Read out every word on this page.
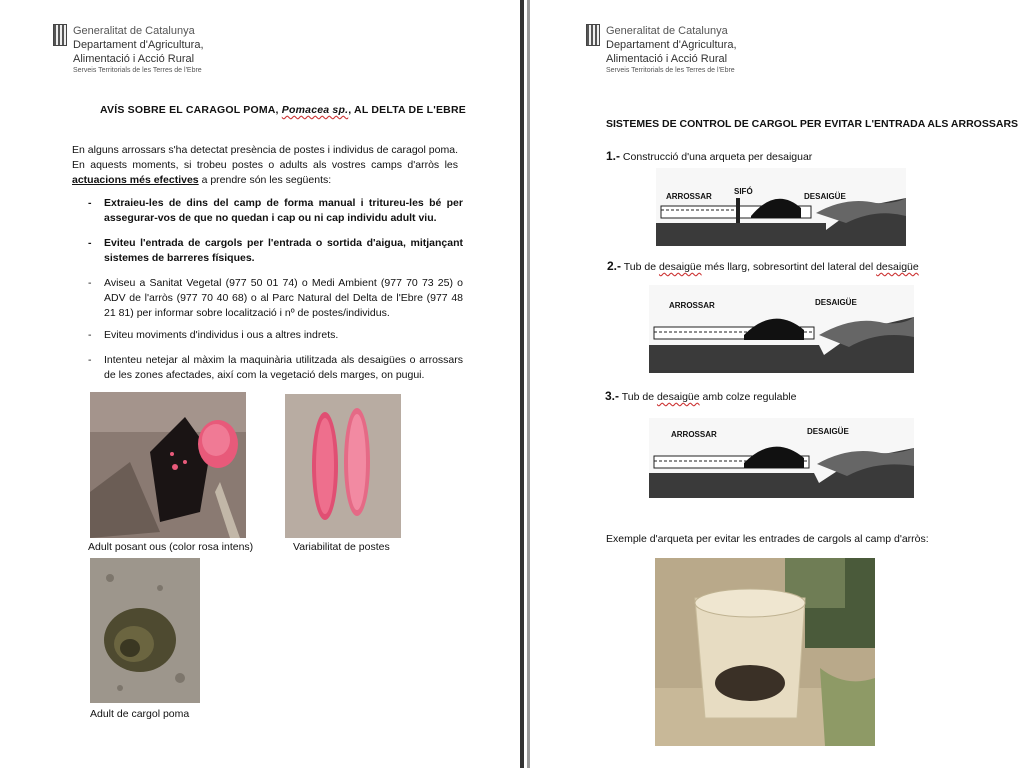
Generalitat de Catalunya
Departament d'Agricultura,
Alimentació i Acció Rural
Serveis Territorials de les Terres de l'Ebre
AVÍS SOBRE EL CARAGOL POMA, Pomacea sp., AL DELTA DE L'EBRE
En alguns arrossars s'ha detectat presència de postes i individus de caragol poma. En aquests moments, si trobeu postes o adults als vostres camps d'arròs les actuacions més efectives a prendre són les següents:
- Extraieu-les de dins del camp de forma manual i tritureu-les bé per assegurar-vos de que no quedan i cap ou ni cap individu adult viu.
- Eviteu l'entrada de cargols per l'entrada o sortida d'aigua, mitjançant sistemes de barreres físiques.
- Aviseu a Sanitat Vegetal (977 50 01 74) o Medi Ambient (977 70 73 25) o ADV de l'arròs (977 70 40 68) o al Parc Natural del Delta de l'Ebre (977 48 21 81) per informar sobre localització i nº de postes/individus.
- Eviteu moviments d'individus i ous a altres indrets.
- Intenteu netejar al màxim la maquinària utilitzada als desaigües o arrossars de les zones afectades, així com la vegetació dels marges, on pugui.
Adult posant ous (color rosa intens)	Variabilitat de postes
Adult de cargol poma
Generalitat de Catalunya
Departament d'Agricultura,
Alimentació i Acció Rural
Serveis Territorials de les Terres de l'Ebre
SISTEMES DE CONTROL DE CARGOL PER EVITAR L'ENTRADA ALS ARROSSARS
1.- Construcció d'una arqueta per desaiguar
ARROSSAR
SIFÓ
DESAIGÜE
2.- Tub de desaigüe més llarg, sobresortint del lateral del desaigüe
ARROSSAR	DESAIGÜE
3.- Tub de desaigüe amb colze regulable
ARROSSAR	DESAIGÜE
Exemple d'arqueta per evitar les entrades de cargols al camp d'arròs:
